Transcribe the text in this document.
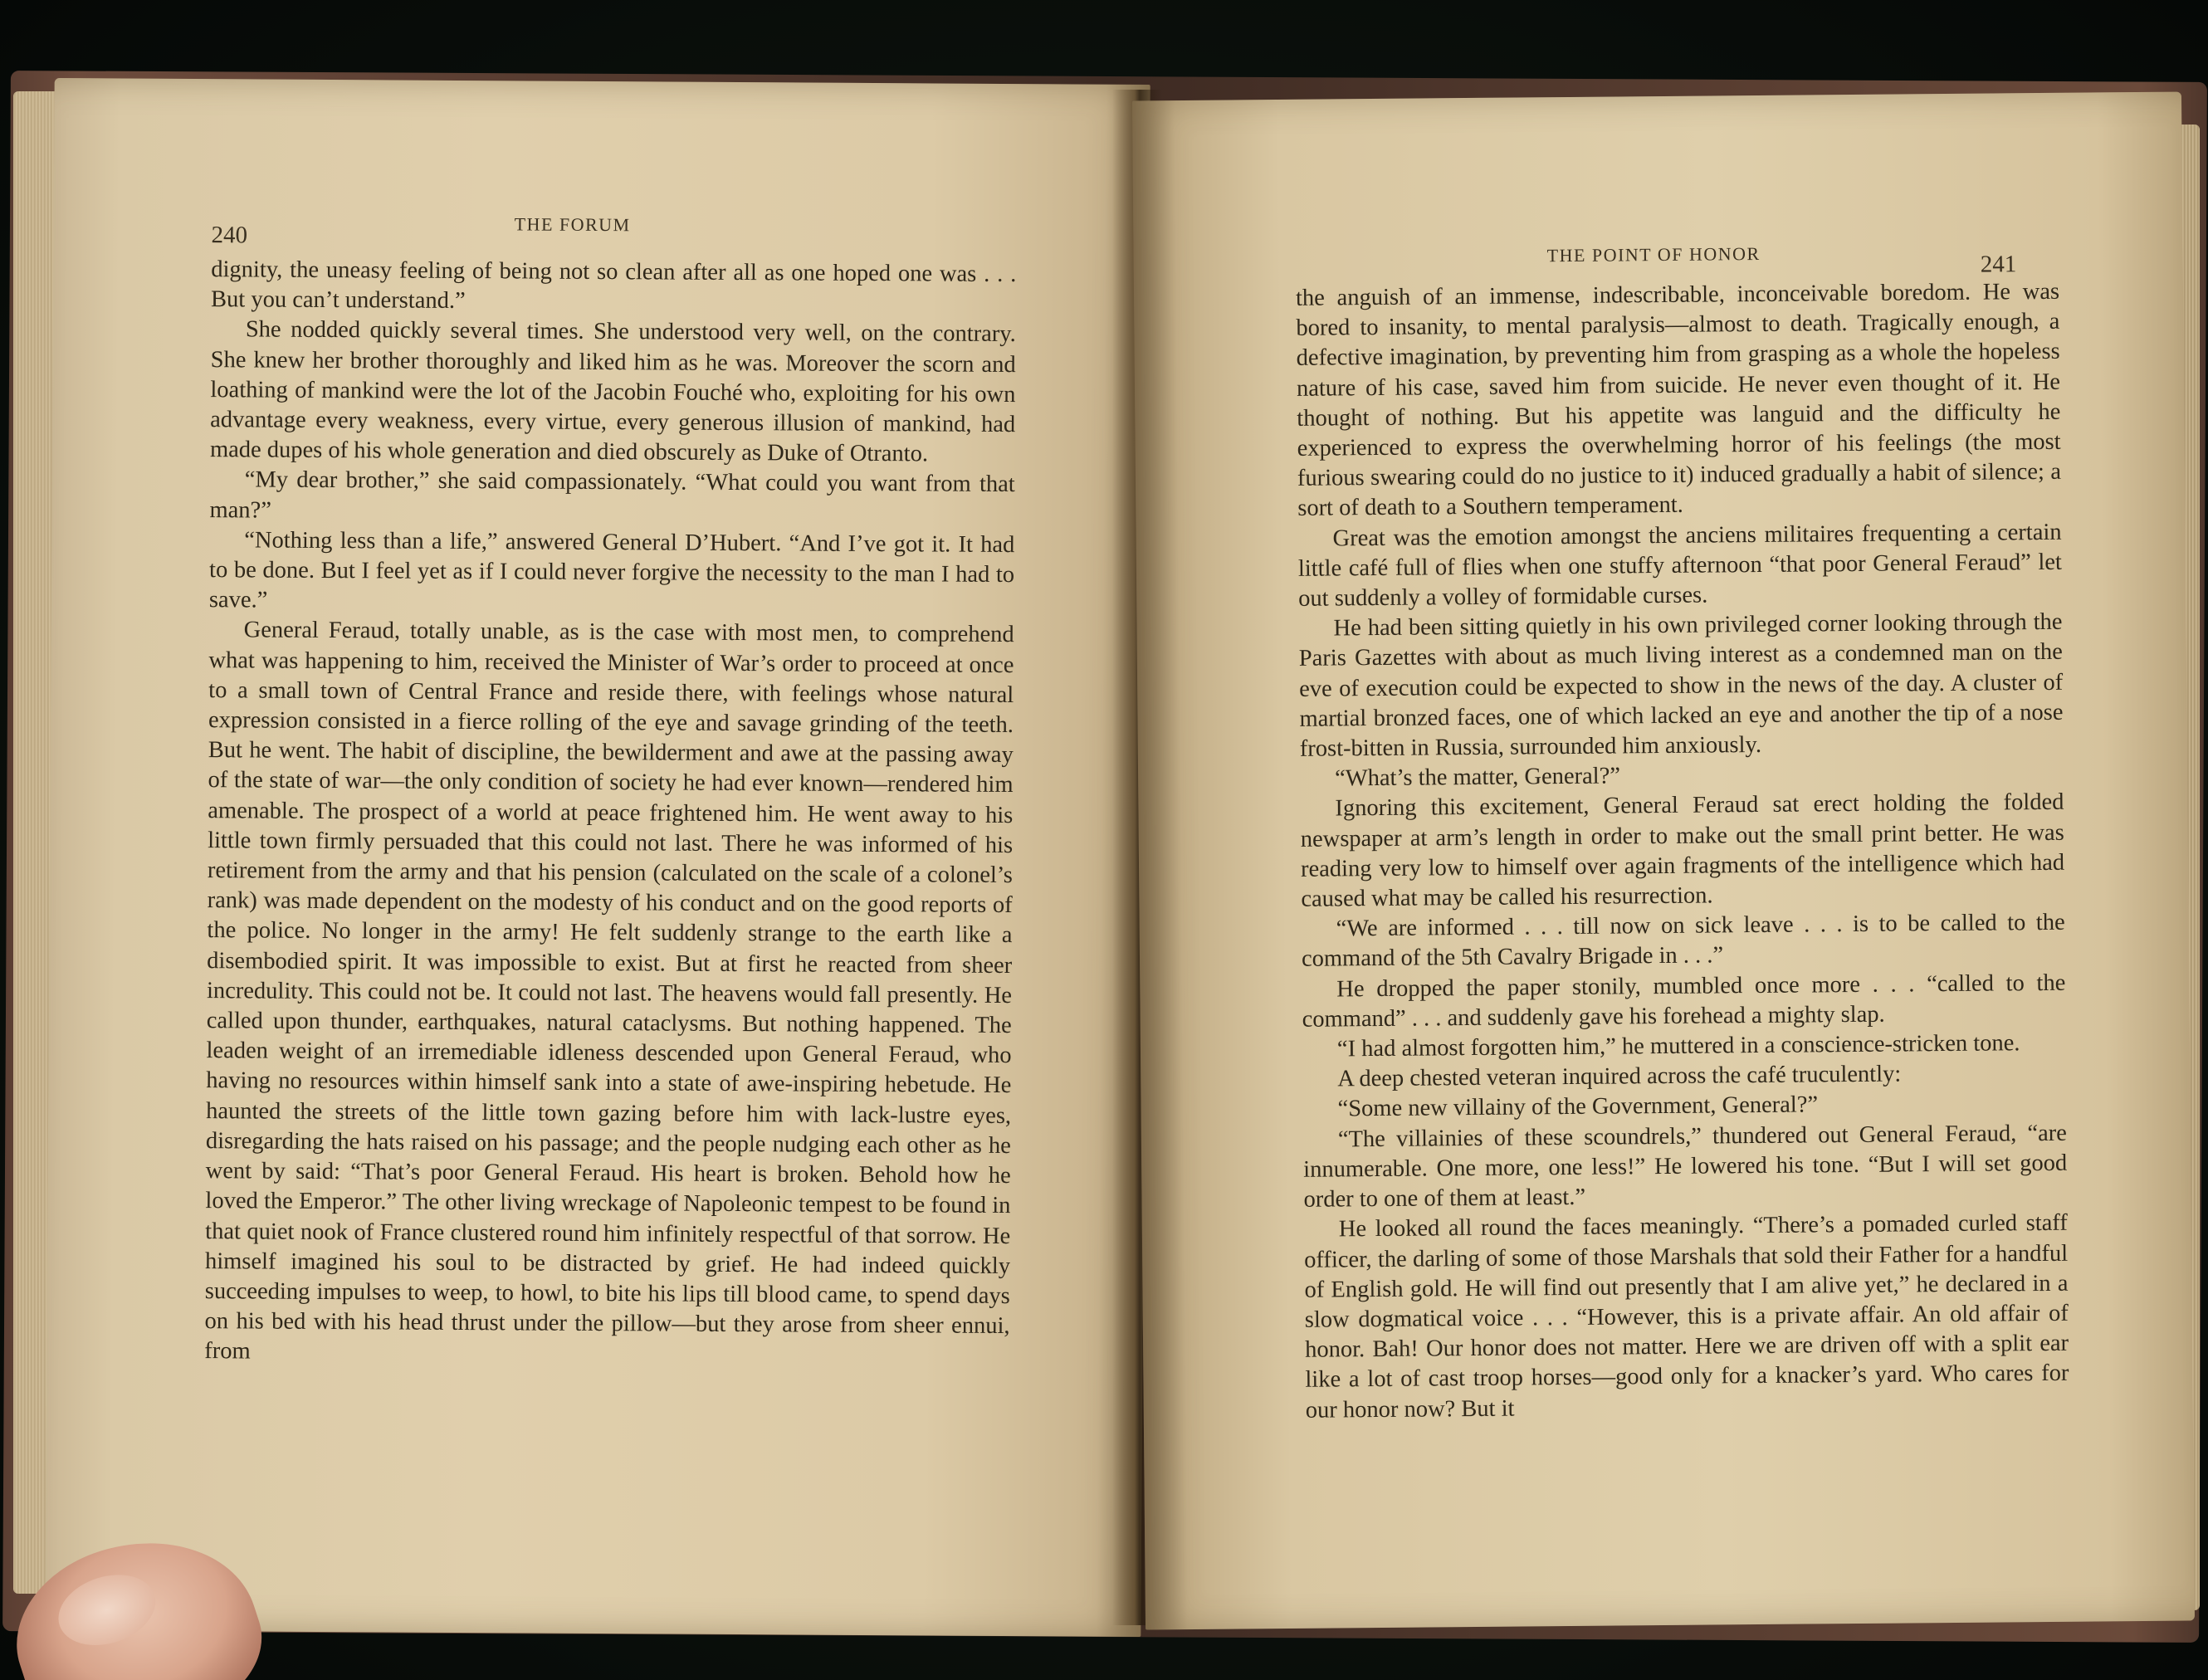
240	THE FORUM

dignity, the uneasy feeling of being not so clean after all as one hoped one was . . . But you can’t understand.”

She nodded quickly several times. She understood very well, on the contrary. She knew her brother thoroughly and liked him as he was. Moreover the scorn and loathing of mankind were the lot of the Jacobin Fouché who, exploiting for his own advantage every weakness, every virtue, every generous illusion of mankind, had made dupes of his whole generation and died obscurely as Duke of Otranto.

“My dear brother,” she said compassionately. “What could you want from that man?”

“Nothing less than a life,” answered General D’Hubert. “And I’ve got it. It had to be done. But I feel yet as if I could never forgive the necessity to the man I had to save.”

General Feraud, totally unable, as is the case with most men, to comprehend what was happening to him, received the Minister of War’s order to proceed at once to a small town of Central France and reside there, with feelings whose natural expression consisted in a fierce rolling of the eye and savage grinding of the teeth. But he went. The habit of discipline, the bewilderment and awe at the passing away of the state of war—the only condition of society he had ever known—rendered him amenable. The prospect of a world at peace frightened him. He went away to his little town firmly persuaded that this could not last. There he was informed of his retirement from the army and that his pension (calculated on the scale of a colonel’s rank) was made dependent on the modesty of his conduct and on the good reports of the police. No longer in the army! He felt suddenly strange to the earth like a disembodied spirit. It was impossible to exist. But at first he reacted from sheer incredulity. This could not be. It could not last. The heavens would fall presently. He called upon thunder, earthquakes, natural cataclysms. But nothing happened. The leaden weight of an irremediable idleness descended upon General Feraud, who having no resources within himself sank into a state of awe-inspiring hebetude. He haunted the streets of the little town gazing before him with lack-lustre eyes, disregarding the hats raised on his passage; and the people nudging each other as he went by said: “That’s poor General Feraud. His heart is broken. Behold how he loved the Emperor.” The other living wreckage of Napoleonic tempest to be found in that quiet nook of France clustered round him infinitely respectful of that sorrow. He himself imagined his soul to be distracted by grief. He had indeed quickly succeeding impulses to weep, to howl, to bite his lips till blood came, to spend days on his bed with his head thrust under the pillow—but they arose from sheer ennui, from

THE POINT OF HONOR	241

the anguish of an immense, indescribable, inconceivable boredom. He was bored to insanity, to mental paralysis—almost to death. Tragically enough, a defective imagination, by preventing him from grasping as a whole the hopeless nature of his case, saved him from suicide. He never even thought of it. He thought of nothing. But his appetite was languid and the difficulty he experienced to express the overwhelming horror of his feelings (the most furious swearing could do no justice to it) induced gradually a habit of silence; a sort of death to a Southern temperament.

Great was the emotion amongst the anciens militaires frequenting a certain little café full of flies when one stuffy afternoon “that poor General Feraud” let out suddenly a volley of formidable curses.

He had been sitting quietly in his own privileged corner looking through the Paris Gazettes with about as much living interest as a condemned man on the eve of execution could be expected to show in the news of the day. A cluster of martial bronzed faces, one of which lacked an eye and another the tip of a nose frost-bitten in Russia, surrounded him anxiously.

“What’s the matter, General?”

Ignoring this excitement, General Feraud sat erect holding the folded newspaper at arm’s length in order to make out the small print better. He was reading very low to himself over again fragments of the intelligence which had caused what may be called his resurrection.

“We are informed . . . till now on sick leave . . . is to be called to the command of the 5th Cavalry Brigade in . . .”

He dropped the paper stonily, mumbled once more . . . “called to the command” . . . and suddenly gave his forehead a mighty slap.

“I had almost forgotten him,” he muttered in a conscience-stricken tone.

A deep chested veteran inquired across the café truculently:

“Some new villainy of the Government, General?”

“The villainies of these scoundrels,” thundered out General Feraud, “are innumerable. One more, one less!” He lowered his tone. “But I will set good order to one of them at least.”

He looked all round the faces meaningly. “There’s a pomaded curled staff officer, the darling of some of those Marshals that sold their Father for a handful of English gold. He will find out presently that I am alive yet,” he declared in a slow dogmatical voice . . . “However, this is a private affair. An old affair of honor. Bah! Our honor does not matter. Here we are driven off with a split ear like a lot of cast troop horses—good only for a knacker’s yard. Who cares for our honor now? But it
